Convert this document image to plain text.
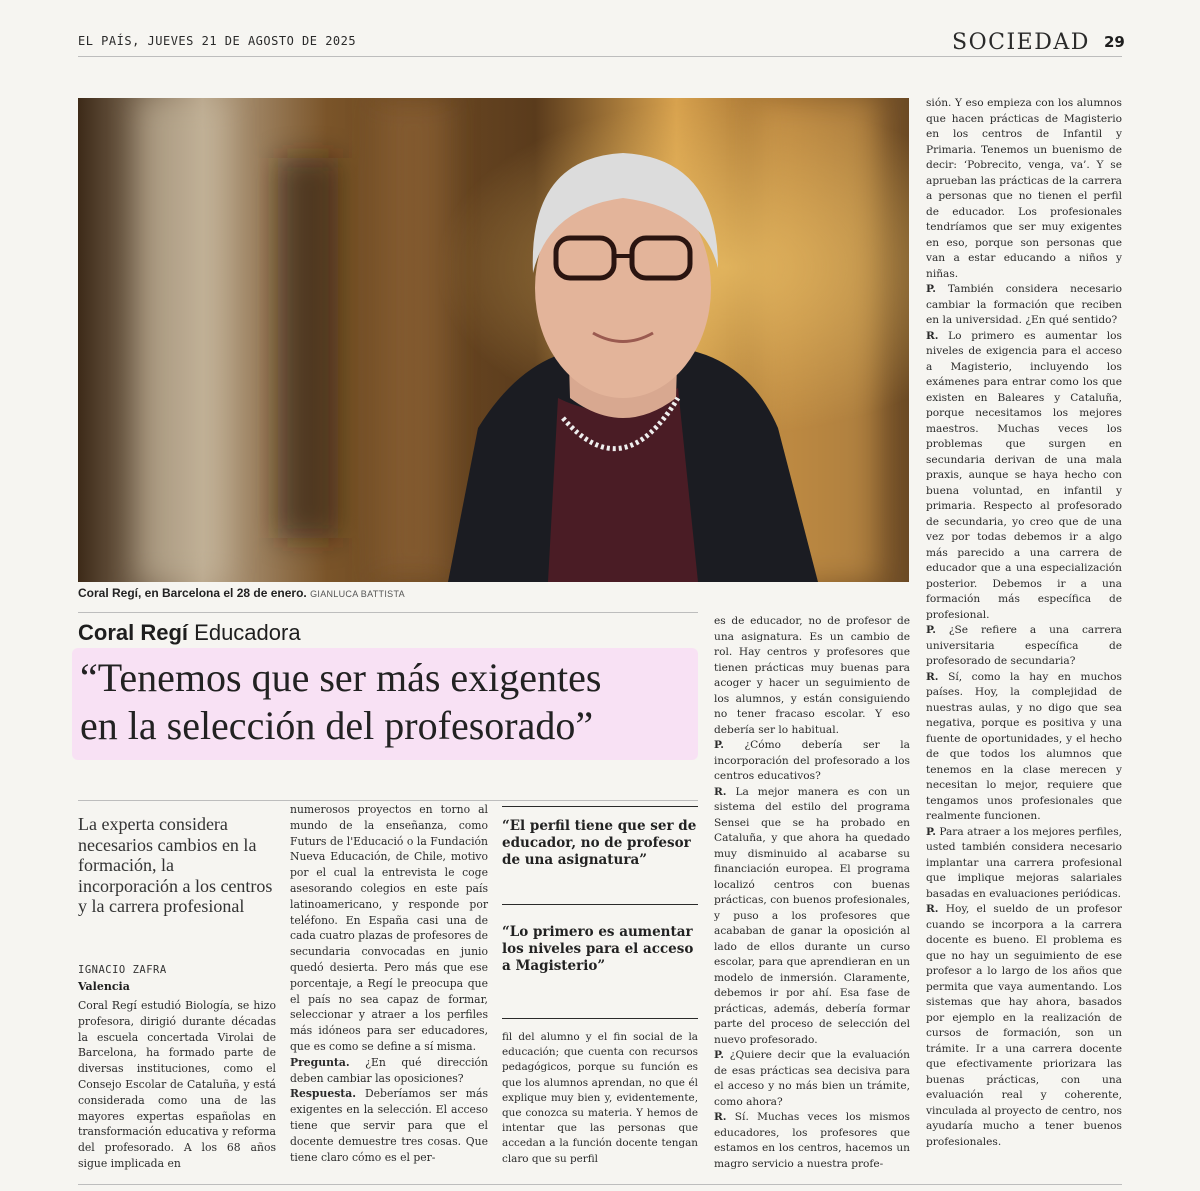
EL PAÍS, JUEVES 21 DE AGOSTO DE 2025	SOCIEDAD 29
Coral Regí, en Barcelona el 28 de enero. GIANLUCA BATTISTA
Coral Regí Educadora
“Tenemos que ser más exigentes
en la selección del profesorado”
La experta considera necesarios cambios en la formación, la incorporación a los centros y la carrera profesional
IGNACIO ZAFRA
Valencia

Coral Regí estudió Biología, se hizo profesora, dirigió durante décadas la escuela concertada Virolai de Barcelona, ha formado parte de diversas instituciones, como el Consejo Escolar de Cataluña, y está considerada como una de las mayores expertas españolas en transformación educativa y reforma del profesorado. A los 68 años sigue implicada en

numerosos proyectos en torno al mundo de la enseñanza, como Futurs de l'Educació o la Fundación Nueva Educación, de Chile, motivo por el cual la entrevista le coge asesorando colegios en este país latinoamericano, y responde por teléfono. En España casi una de cada cuatro plazas de profesores de secundaria convocadas en junio quedó desierta. Pero más que ese porcentaje, a Regí le preocupa que el país no sea capaz de formar, seleccionar y atraer a los perfiles más idóneos para ser educadores, que es como se define a sí misma.

Pregunta. ¿En qué dirección deben cambiar las oposiciones?

Respuesta. Deberíamos ser más exigentes en la selección. El acceso tiene que servir para que el docente demuestre tres cosas. Que tiene claro cómo es el per-

“El perfil tiene que ser de educador, no de profesor de una asignatura”
“Lo primero es aumentar los niveles para el acceso a Magisterio”

fil del alumno y el fin social de la educación; que cuenta con recursos pedagógicos, porque su función es que los alumnos aprendan, no que él explique muy bien y, evidentemente, que conozca su materia. Y hemos de intentar que las personas que accedan a la función docente tengan claro que su perfil

es de educador, no de profesor de una asignatura. Es un cambio de rol. Hay centros y profesores que tienen prácticas muy buenas para acoger y hacer un seguimiento de los alumnos, y están consiguiendo no tener fracaso escolar. Y eso debería ser lo habitual.

P. ¿Cómo debería ser la incorporación del profesorado a los centros educativos?

R. La mejor manera es con un sistema del estilo del programa Sensei que se ha probado en Cataluña, y que ahora ha quedado muy disminuido al acabarse su financiación europea. El programa localizó centros con buenas prácticas, con buenos profesionales, y puso a los profesores que acababan de ganar la oposición al lado de ellos durante un curso escolar, para que aprendieran en un modelo de inmersión. Claramente, debemos ir por ahí. Esa fase de prácticas, además, debería formar parte del proceso de selección del nuevo profesorado.

P. ¿Quiere decir que la evaluación de esas prácticas sea decisiva para el acceso y no más bien un trámite, como ahora?

R. Sí. Muchas veces los mismos educadores, los profesores que estamos en los centros, hacemos un magro servicio a nuestra profe-

sión. Y eso empieza con los alumnos que hacen prácticas de Magisterio en los centros de Infantil y Primaria. Tenemos un buenismo de decir: ‘Pobrecito, venga, va’. Y se aprueban las prácticas de la carrera a personas que no tienen el perfil de educador. Los profesionales tendríamos que ser muy exigentes en eso, porque son personas que van a estar educando a niños y niñas.

P. También considera necesario cambiar la formación que reciben en la universidad. ¿En qué sentido?

R. Lo primero es aumentar los niveles de exigencia para el acceso a Magisterio, incluyendo los exámenes para entrar como los que existen en Baleares y Cataluña, porque necesitamos los mejores maestros. Muchas veces los problemas que surgen en secundaria derivan de una mala praxis, aunque se haya hecho con buena voluntad, en infantil y primaria. Respecto al profesorado de secundaria, yo creo que de una vez por todas debemos ir a algo más parecido a una carrera de educador que a una especialización posterior. Debemos ir a una formación más específica de profesional.

P. ¿Se refiere a una carrera universitaria específica de profesorado de secundaria?

R. Sí, como la hay en muchos países. Hoy, la complejidad de nuestras aulas, y no digo que sea negativa, porque es positiva y una fuente de oportunidades, y el hecho de que todos los alumnos que tenemos en la clase merecen y necesitan lo mejor, requiere que tengamos unos profesionales que realmente funcionen.

P. Para atraer a los mejores perfiles, usted también considera necesario implantar una carrera profesional que implique mejoras salariales basadas en evaluaciones periódicas.

R. Hoy, el sueldo de un profesor cuando se incorpora a la carrera docente es bueno. El problema es que no hay un seguimiento de ese profesor a lo largo de los años que permita que vaya aumentando. Los sistemas que hay ahora, basados por ejemplo en la realización de cursos de formación, son un trámite. Ir a una carrera docente que efectivamente priorizara las buenas prácticas, con una evaluación real y coherente, vinculada al proyecto de centro, nos ayudaría mucho a tener buenos profesionales.
